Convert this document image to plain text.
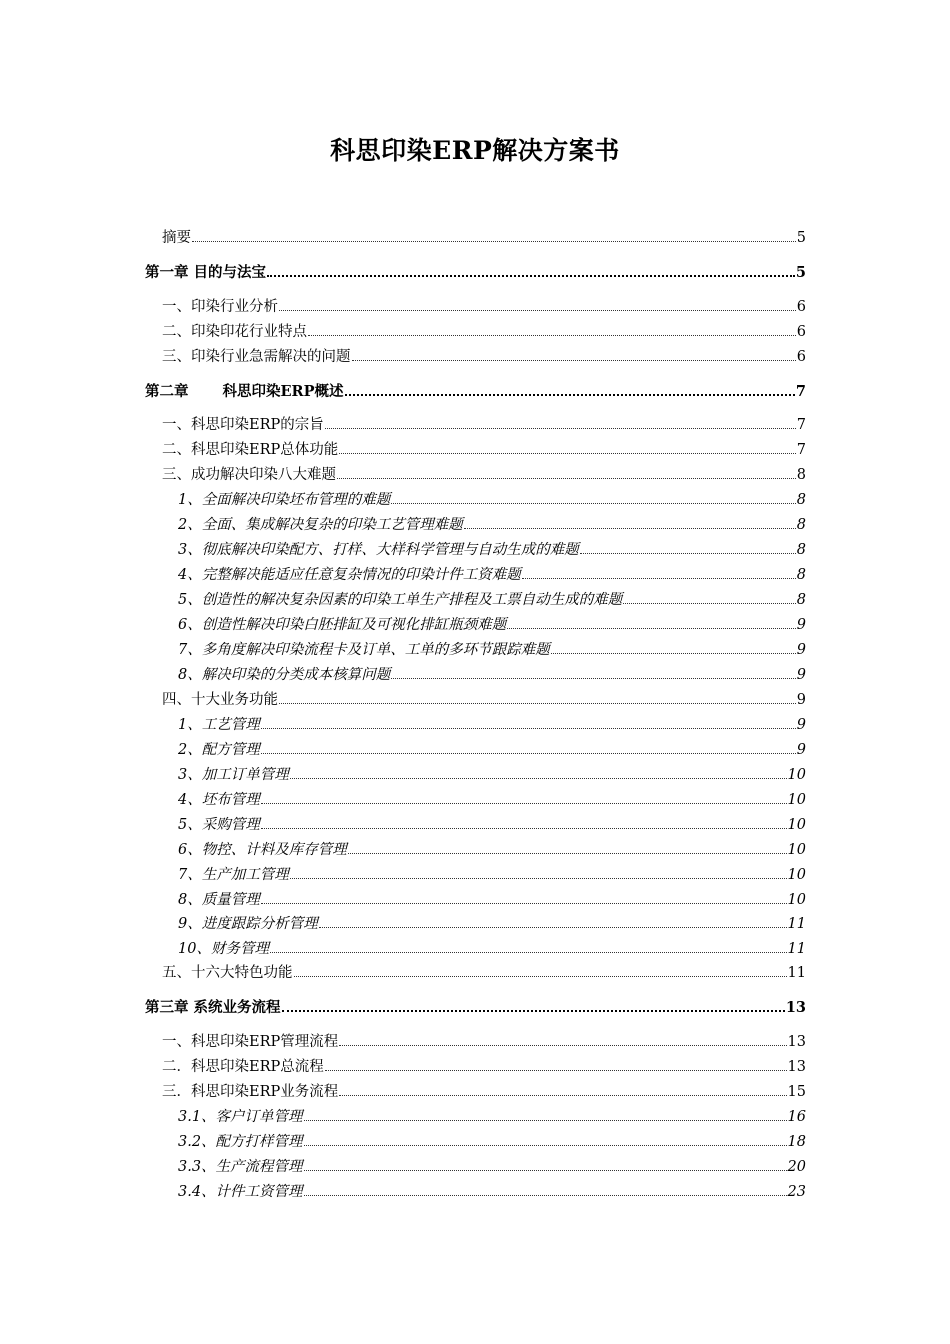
科思印染ERP解决方案书
摘要	5
第一章 目的与法宝	5
一、印染行业分析	6
二、印染印花行业特点	6
三、印染行业急需解决的问题	6
第二章 科思印染ERP概述	7
一、科思印染ERP的宗旨	7
二、科思印染ERP总体功能	7
三、成功解决印染八大难题	8
1、全面解决印染坯布管理的难题	8
2、全面、集成解决复杂的印染工艺管理难题	8
3、彻底解决印染配方、打样、大样科学管理与自动生成的难题	8
4、完整解决能适应任意复杂情况的印染计件工资难题	8
5、创造性的解决复杂因素的印染工单生产排程及工票自动生成的难题	8
6、创造性解决印染白胚排缸及可视化排缸瓶颈难题	9
7、多角度解决印染流程卡及订单、工单的多环节跟踪难题	9
8、解决印染的分类成本核算问题	9
四、十大业务功能	9
1、工艺管理	9
2、配方管理	9
3、加工订单管理	10
4、坯布管理	10
5、采购管理	10
6、物控、计料及库存管理	10
7、生产加工管理	10
8、质量管理	10
9、进度跟踪分析管理	11
10、财务管理	11
五、十六大特色功能	11
第三章 系统业务流程	13
一、科思印染ERP管理流程	13
二．科思印染ERP总流程	13
三．科思印染ERP业务流程	15
3.1、客户订单管理	16
3.2、配方打样管理	18
3.3、生产流程管理	20
3.4、计件工资管理	23
